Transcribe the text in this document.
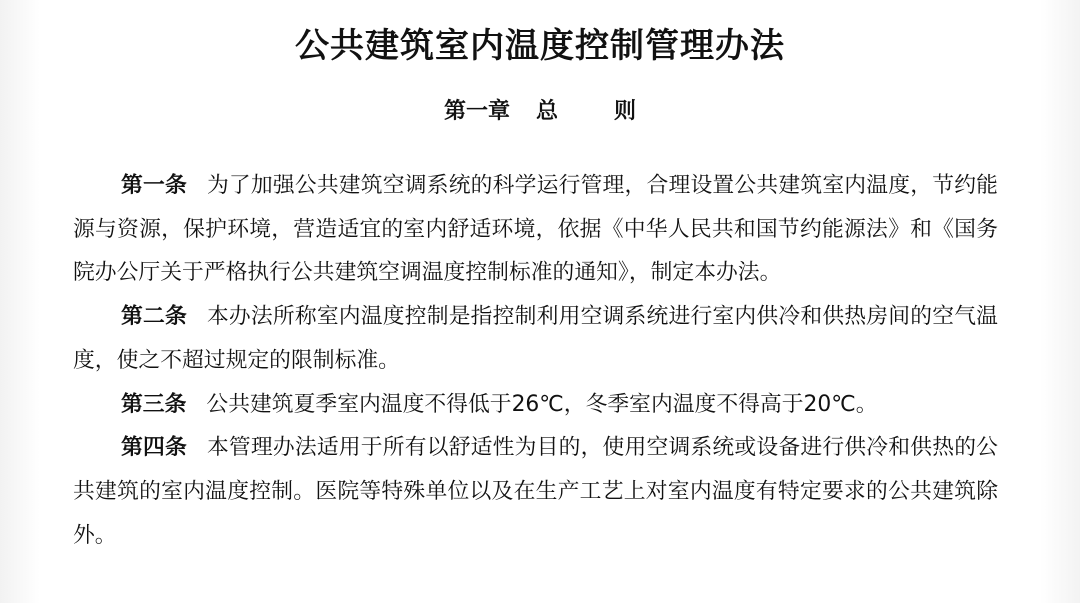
公共建筑室内温度控制管理办法
第一章 总	则

第一条 为了加强公共建筑空调系统的科学运行管理，合理设置公共建筑室内温度，节约能源与资源，保护环境，营造适宜的室内舒适环境，依据《中华人民共和国节约能源法》和《国务院办公厅关于严格执行公共建筑空调温度控制标准的通知》，制定本办法。

第二条 本办法所称室内温度控制是指控制利用空调系统进行室内供冷和供热房间的空气温度，使之不超过规定的限制标准。

第三条 公共建筑夏季室内温度不得低于26℃，冬季室内温度不得高于20℃。

第四条 本管理办法适用于所有以舒适性为目的，使用空调系统或设备进行供冷和供热的公共建筑的室内温度控制。医院等特殊单位以及在生产工艺上对室内温度有特定要求的公共建筑除外。
